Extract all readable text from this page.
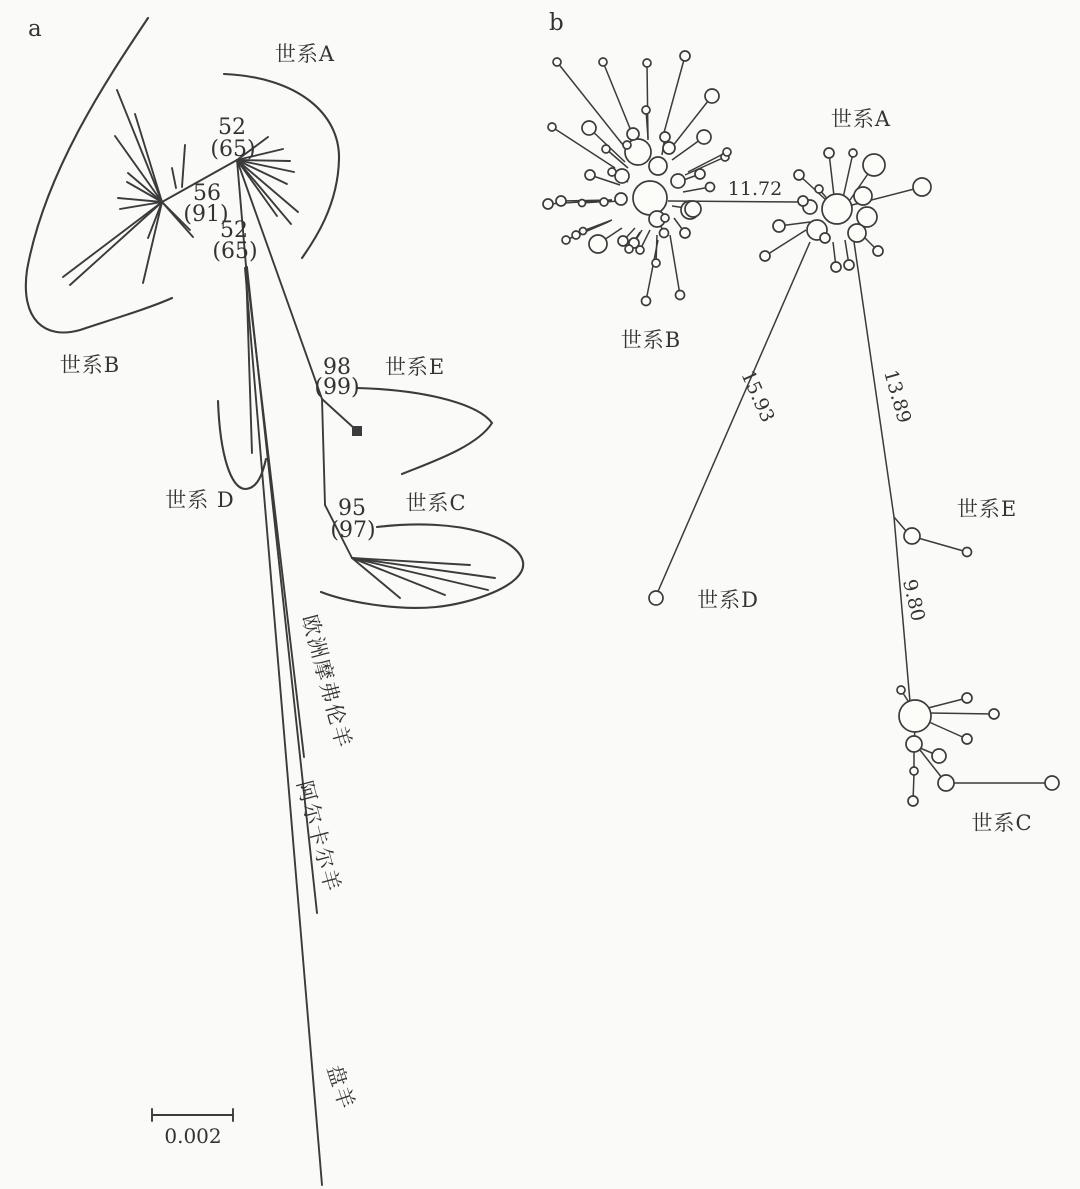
a
世系A
世系B
世系 D
世系E
世系C
52
(65)
56
(91)
52
(65)
98
(99)
95
(97)
欧洲摩弗伦羊
阿尔卡尔羊
盘羊
0.002
b
世系A
世系B
世系D
世系E
世系C
11.72
15.93	13.89
9.80
